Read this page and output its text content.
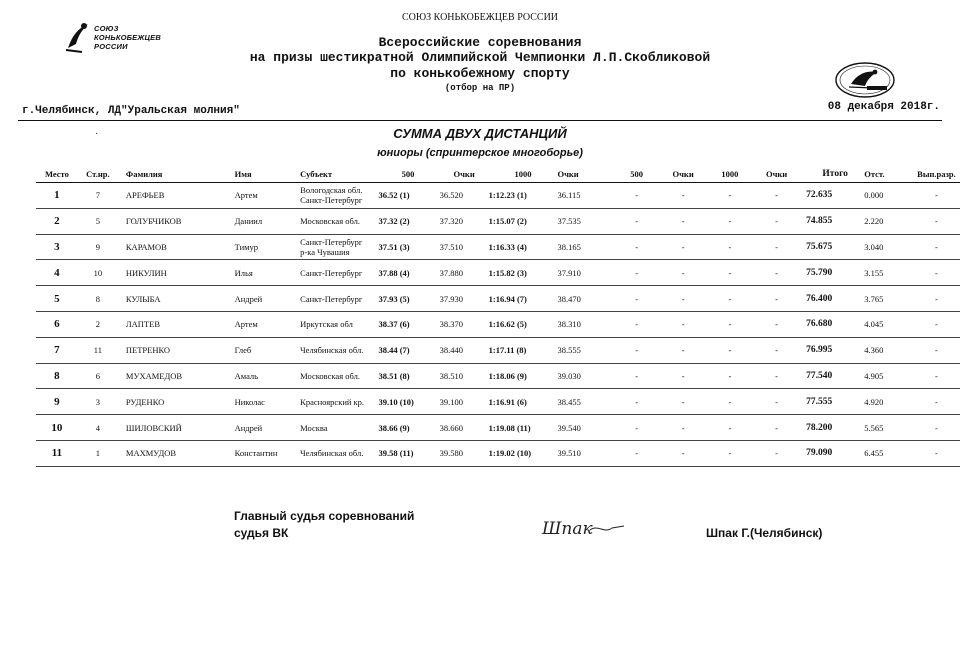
СОЮЗ
КОНЬКОБЕЖЦЕВ
РОССИИ
СОЮЗ КОНЬКОБЕЖЦЕВ РОССИИ
Всероссийские соревнования
на призы шестикратной Олимпийской Чемпионки Л.П.Скобликовой
по конькобежному спорту
(отбор на ПР)
г.Челябинск, ЛД"Уральская молния"	08 декабря 2018г.
·	СУММА ДВУХ ДИСТАНЦИЙ
юниоры (спринтерское многоборье)
Место	Ст.нр.	Фамилия	Имя	Субъект	500	Очки	1000	Очки	500	Очки	1000	Очки	Итого	Отст.	Вып.разр.
1	7	АРЕФЬЕВ	Артем	Вологодская обл.
Санкт-Петербург	36.52 (1)	36.520	1:12.23 (1)	36.115	-	-	-	-	72.635	0.000	-
2	5	ГОЛУБЧИКОВ	Даниил	Московская обл.	37.32 (2)	37.320	1:15.07 (2)	37.535	-	-	-	-	74.855	2.220	-
3	9	КАРАМОВ	Тимур	Санкт-Петербург
р-ка Чувашия	37.51 (3)	37.510	1:16.33 (4)	38.165	-	-	-	-	75.675	3.040	-
4	10	НИКУЛИН	Илья	Санкт-Петербург	37.88 (4)	37.880	1:15.82 (3)	37.910	-	-	-	-	75.790	3.155	-
5	8	КУЛЫБА	Андрей	Санкт-Петербург	37.93 (5)	37.930	1:16.94 (7)	38.470	-	-	-	-	76.400	3.765	-
6	2	ЛАПТЕВ	Артем	Иркутская обл	38.37 (6)	38.370	1:16.62 (5)	38.310	-	-	-	-	76.680	4.045	-
7	11	ПЕТРЕНКО	Глеб	Челябинская обл.	38.44 (7)	38.440	1:17.11 (8)	38.555	-	-	-	-	76.995	4.360	-
8	6	МУХАМЕДОВ	Амаль	Московская обл.	38.51 (8)	38.510	1:18.06 (9)	39.030	-	-	-	-	77.540	4.905	-
9	3	РУДЕНКО	Николас	Красноярский кр.	39.10 (10)	39.100	1:16.91 (6)	38.455	-	-	-	-	77.555	4.920	-
10	4	ШИЛОВСКИЙ	Андрей	Москва	38.66 (9)	38.660	1:19.08 (11)	39.540	-	-	-	-	78.200	5.565	-
11	1	МАХМУДОВ	Константин	Челябинская обл.	39.58 (11)	39.580	1:19.02 (10)	39.510	-	-	-	-	79.090	6.455	-
Главный судья соревнований
судья ВК	Шпак	Шпак Г.(Челябинск)
